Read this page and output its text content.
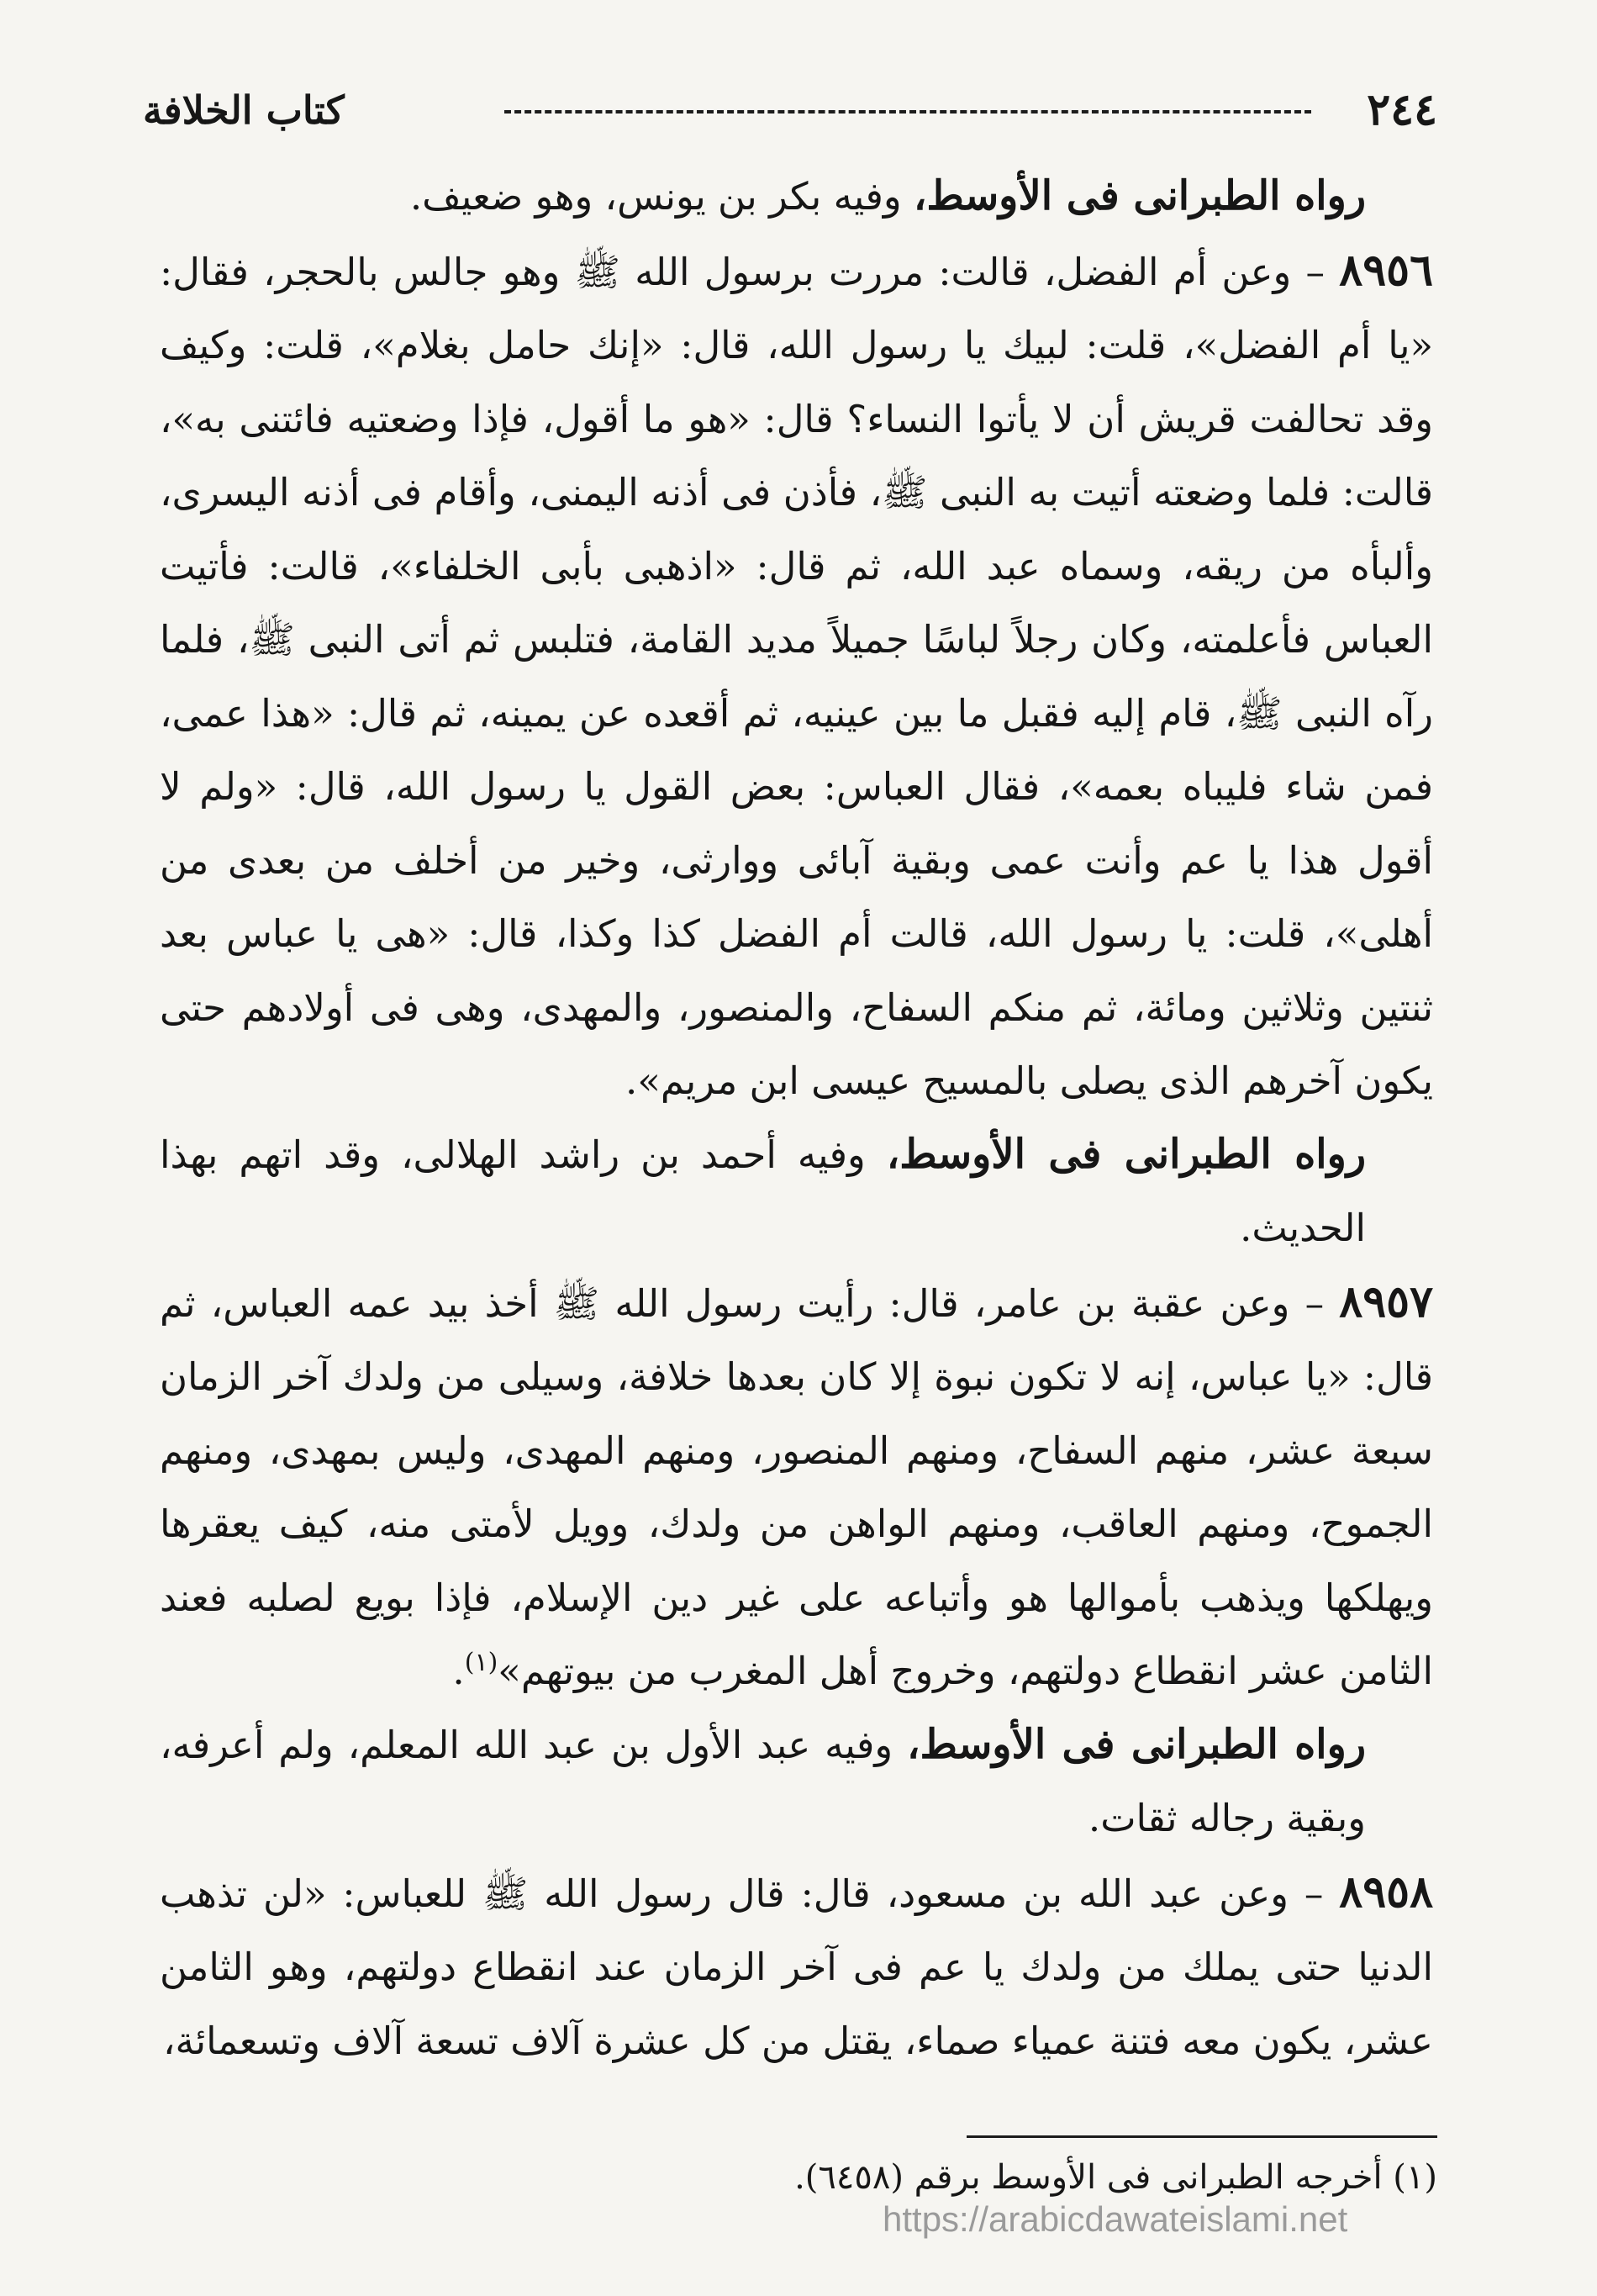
٢٤٤
كتاب الخلافة

رواه الطبرانى فى الأوسط، وفيه بكر بن يونس، وهو ضعيف.

٨٩٥٦ – وعن أم الفضل، قالت: مررت برسول الله ﷺ وهو جالس بالحجر، فقال: «يا أم الفضل»، قلت: لبيك يا رسول الله، قال: «إنك حامل بغلام»، قلت: وكيف وقد تحالفت قريش أن لا يأتوا النساء؟ قال: «هو ما أقول، فإذا وضعتيه فائتنى به»، قالت: فلما وضعته أتيت به النبى ﷺ، فأذن فى أذنه اليمنى، وأقام فى أذنه اليسرى، وألبأه من ريقه، وسماه عبد الله، ثم قال: «اذهبى بأبى الخلفاء»، قالت: فأتيت العباس فأعلمته، وكان رجلاً لباسًا جميلاً مديد القامة، فتلبس ثم أتى النبى ﷺ، فلما رآه النبى ﷺ، قام إليه فقبل ما بين عينيه، ثم أقعده عن يمينه، ثم قال: «هذا عمى، فمن شاء فليباه بعمه»، فقال العباس: بعض القول يا رسول الله، قال: «ولم لا أقول هذا يا عم وأنت عمى وبقية آبائى ووارثى، وخير من أخلف من بعدى من أهلى»، قلت: يا رسول الله، قالت أم الفضل كذا وكذا، قال: «هى يا عباس بعد ثنتين وثلاثين ومائة، ثم منكم السفاح، والمنصور، والمهدى، وهى فى أولادهم حتى يكون آخرهم الذى يصلى بالمسيح عيسى ابن مريم».

رواه الطبرانى فى الأوسط، وفيه أحمد بن راشد الهلالى، وقد اتهم بهذا الحديث.

٨٩٥٧ – وعن عقبة بن عامر، قال: رأيت رسول الله ﷺ أخذ بيد عمه العباس، ثم قال: «يا عباس، إنه لا تكون نبوة إلا كان بعدها خلافة، وسيلى من ولدك آخر الزمان سبعة عشر، منهم السفاح، ومنهم المنصور، ومنهم المهدى، وليس بمهدى، ومنهم الجموح، ومنهم العاقب، ومنهم الواهن من ولدك، وويل لأمتى منه، كيف يعقرها ويهلكها ويذهب بأموالها هو وأتباعه على غير دين الإسلام، فإذا بويع لصلبه فعند الثامن عشر انقطاع دولتهم، وخروج أهل المغرب من بيوتهم»$^{(١)}$.

رواه الطبرانى فى الأوسط، وفيه عبد الأول بن عبد الله المعلم، ولم أعرفه، وبقية رجاله ثقات.

٨٩٥٨ – وعن عبد الله بن مسعود، قال: قال رسول الله ﷺ للعباس: «لن تذهب الدنيا حتى يملك من ولدك يا عم فى آخر الزمان عند انقطاع دولتهم، وهو الثامن عشر، يكون معه فتنة عمياء صماء، يقتل من كل عشرة آلاف تسعة آلاف وتسعمائة،

(١) أخرجه الطبرانى فى الأوسط برقم (٦٤٥٨).
https://arabicdawateislami.net
